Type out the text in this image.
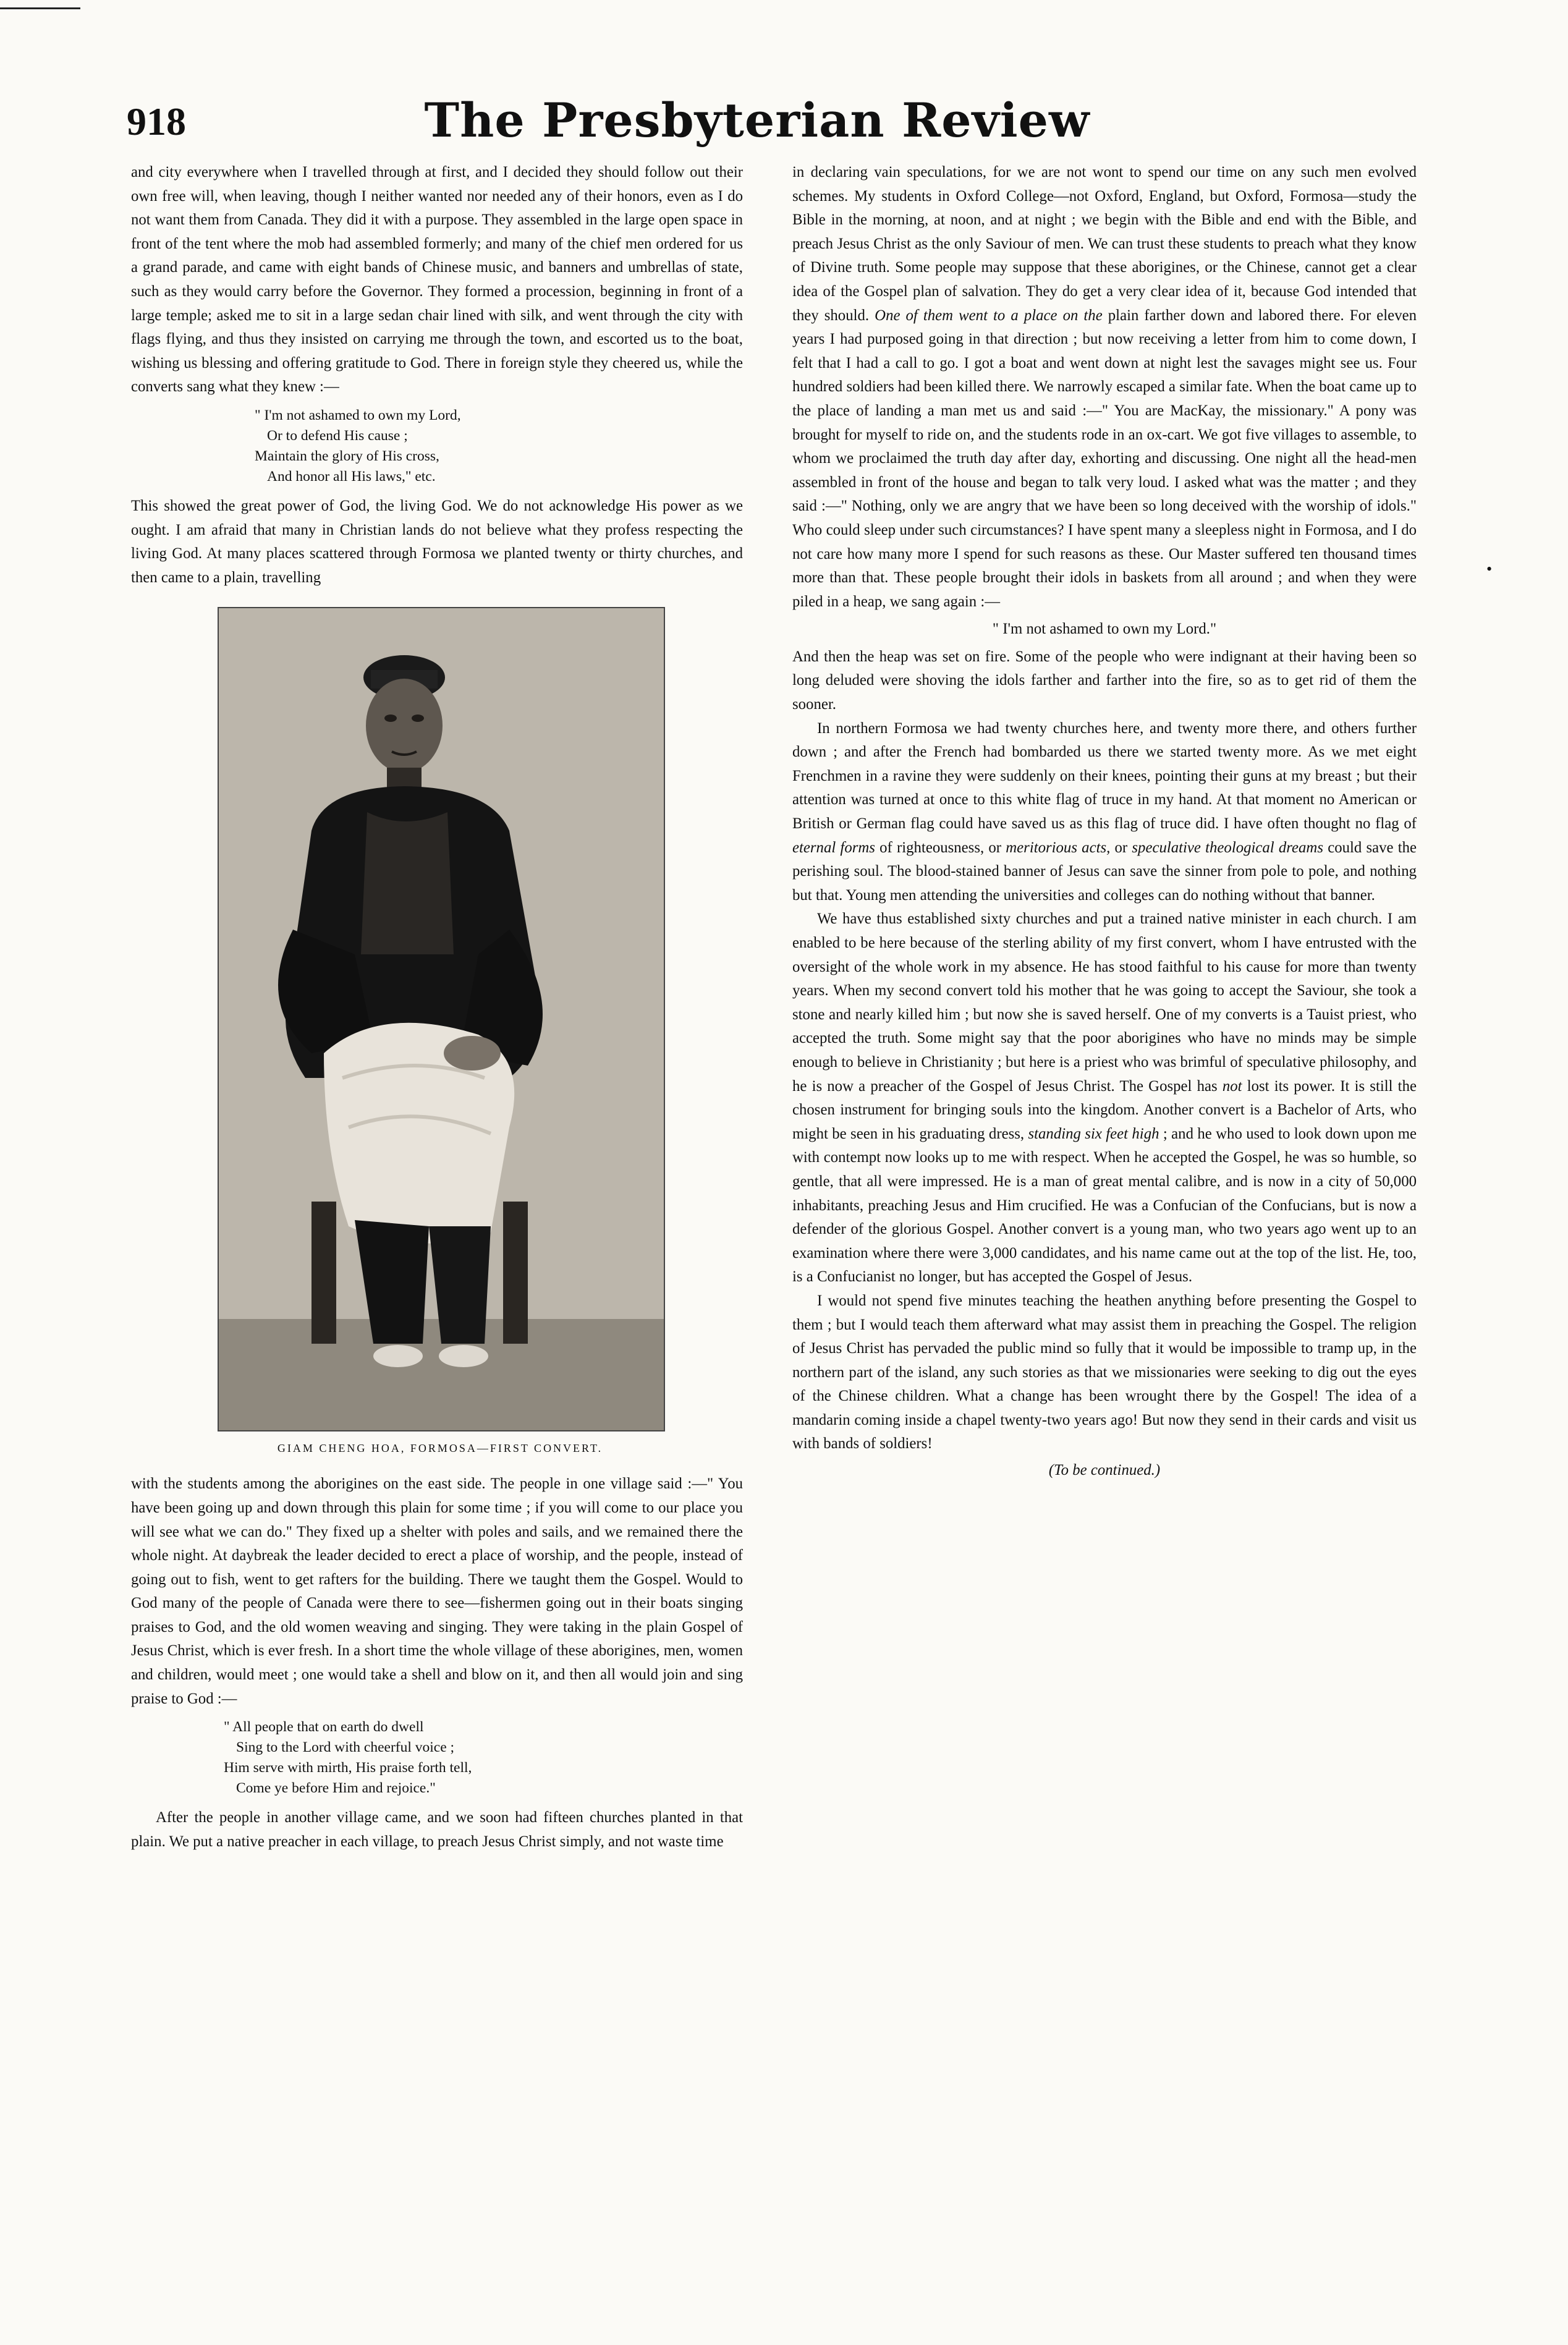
918	The Presbyterian Review

and city everywhere when I travelled through at first, and I decided they should follow out their own free will, when leaving, though I neither wanted nor needed any of their honors, even as I do not want them from Canada. They did it with a purpose. They assembled in the large open space in front of the tent where the mob had assembled formerly; and many of the chief men ordered for us a grand parade, and came with eight bands of Chinese music, and banners and umbrellas of state, such as they would carry before the Governor. They formed a procession, beginning in front of a large temple; asked me to sit in a large sedan chair lined with silk, and went through the city with flags flying, and thus they insisted on carrying me through the town, and escorted us to the boat, wishing us blessing and offering gratitude to God. There in foreign style they cheered us, while the converts sang what they knew :—

" I'm not ashamed to own my Lord,
Or to defend His cause ;
Maintain the glory of His cross,
And honor all His laws," etc.

This showed the great power of God, the living God. We do not acknowledge His power as we ought. I am afraid that many in Christian lands do not believe what they profess respecting the living God. At many places scattered through Formosa we planted twenty or thirty churches, and then came to a plain, travelling

GIAM CHENG HOA, FORMOSA—FIRST CONVERT.

with the students among the aborigines on the east side. The people in one village said :—" You have been going up and down through this plain for some time ; if you will come to our place you will see what we can do." They fixed up a shelter with poles and sails, and we remained there the whole night. At daybreak the leader decided to erect a place of worship, and the people, instead of going out to fish, went to get rafters for the building. There we taught them the Gospel. Would to God many of the people of Canada were there to see—fishermen going out in their boats singing praises to God, and the old women weaving and singing. They were taking in the plain Gospel of Jesus Christ, which is ever fresh. In a short time the whole village of these aborigines, men, women and children, would meet ; one would take a shell and blow on it, and then all would join and sing praise to God :—

" All people that on earth do dwell
Sing to the Lord with cheerful voice ;
Him serve with mirth, His praise forth tell,
Come ye before Him and rejoice."

After the people in another village came, and we soon had fifteen churches planted in that plain. We put a native preacher in each village, to preach Jesus Christ simply, and not waste time

in declaring vain speculations, for we are not wont to spend our time on any such men evolved schemes. My students in Oxford College—not Oxford, England, but Oxford, Formosa—study the Bible in the morning, at noon, and at night ; we begin with the Bible and end with the Bible, and preach Jesus Christ as the only Saviour of men. We can trust these students to preach what they know of Divine truth. Some people may suppose that these aborigines, or the Chinese, cannot get a clear idea of the Gospel plan of salvation. They do get a very clear idea of it, because God intended that they should. One of them went to a place on the plain farther down and labored there. For eleven years I had purposed going in that direction ; but now receiving a letter from him to come down, I felt that I had a call to go. I got a boat and went down at night lest the savages might see us. Four hundred soldiers had been killed there. We narrowly escaped a similar fate. When the boat came up to the place of landing a man met us and said :—" You are MacKay, the missionary." A pony was brought for myself to ride on, and the students rode in an ox-cart. We got five villages to assemble, to whom we proclaimed the truth day after day, exhorting and discussing. One night all the head-men assembled in front of the house and began to talk very loud. I asked what was the matter ; and they said :—" Nothing, only we are angry that we have been so long deceived with the worship of idols." Who could sleep under such circumstances? I have spent many a sleepless night in Formosa, and I do not care how many more I spend for such reasons as these. Our Master suffered ten thousand times more than that. These people brought their idols in baskets from all around ; and when they were piled in a heap, we sang again :—

" I'm not ashamed to own my Lord."

And then the heap was set on fire. Some of the people who were indignant at their having been so long deluded were shoving the idols farther and farther into the fire, so as to get rid of them the sooner.

In northern Formosa we had twenty churches here, and twenty more there, and others further down ; and after the French had bombarded us there we started twenty more. As we met eight Frenchmen in a ravine they were suddenly on their knees, pointing their guns at my breast ; but their attention was turned at once to this white flag of truce in my hand. At that moment no American or British or German flag could have saved us as this flag of truce did. I have often thought no flag of eternal forms of righteousness, or meritorious acts, or speculative theological dreams could save the perishing soul. The blood-stained banner of Jesus can save the sinner from pole to pole, and nothing but that. Young men attending the universities and colleges can do nothing without that banner.

We have thus established sixty churches and put a trained native minister in each church. I am enabled to be here because of the sterling ability of my first convert, whom I have entrusted with the oversight of the whole work in my absence. He has stood faithful to his cause for more than twenty years. When my second convert told his mother that he was going to accept the Saviour, she took a stone and nearly killed him ; but now she is saved herself. One of my converts is a Tauist priest, who accepted the truth. Some might say that the poor aborigines who have no minds may be simple enough to believe in Christianity ; but here is a priest who was brimful of speculative philosophy, and he is now a preacher of the Gospel of Jesus Christ. The Gospel has not lost its power. It is still the chosen instrument for bringing souls into the kingdom. Another convert is a Bachelor of Arts, who might be seen in his graduating dress, standing six feet high ; and he who used to look down upon me with contempt now looks up to me with respect. When he accepted the Gospel, he was so humble, so gentle, that all were impressed. He is a man of great mental calibre, and is now in a city of 50,000 inhabitants, preaching Jesus and Him crucified. He was a Confucian of the Confucians, but is now a defender of the glorious Gospel. Another convert is a young man, who two years ago went up to an examination where there were 3,000 candidates, and his name came out at the top of the list. He, too, is a Confucianist no longer, but has accepted the Gospel of Jesus.

I would not spend five minutes teaching the heathen anything before presenting the Gospel to them ; but I would teach them afterward what may assist them in preaching the Gospel. The religion of Jesus Christ has pervaded the public mind so fully that it would be impossible to tramp up, in the northern part of the island, any such stories as that we missionaries were seeking to dig out the eyes of the Chinese children. What a change has been wrought there by the Gospel! The idea of a mandarin coming inside a chapel twenty-two years ago! But now they send in their cards and visit us with bands of soldiers!

(To be continued.)
•
